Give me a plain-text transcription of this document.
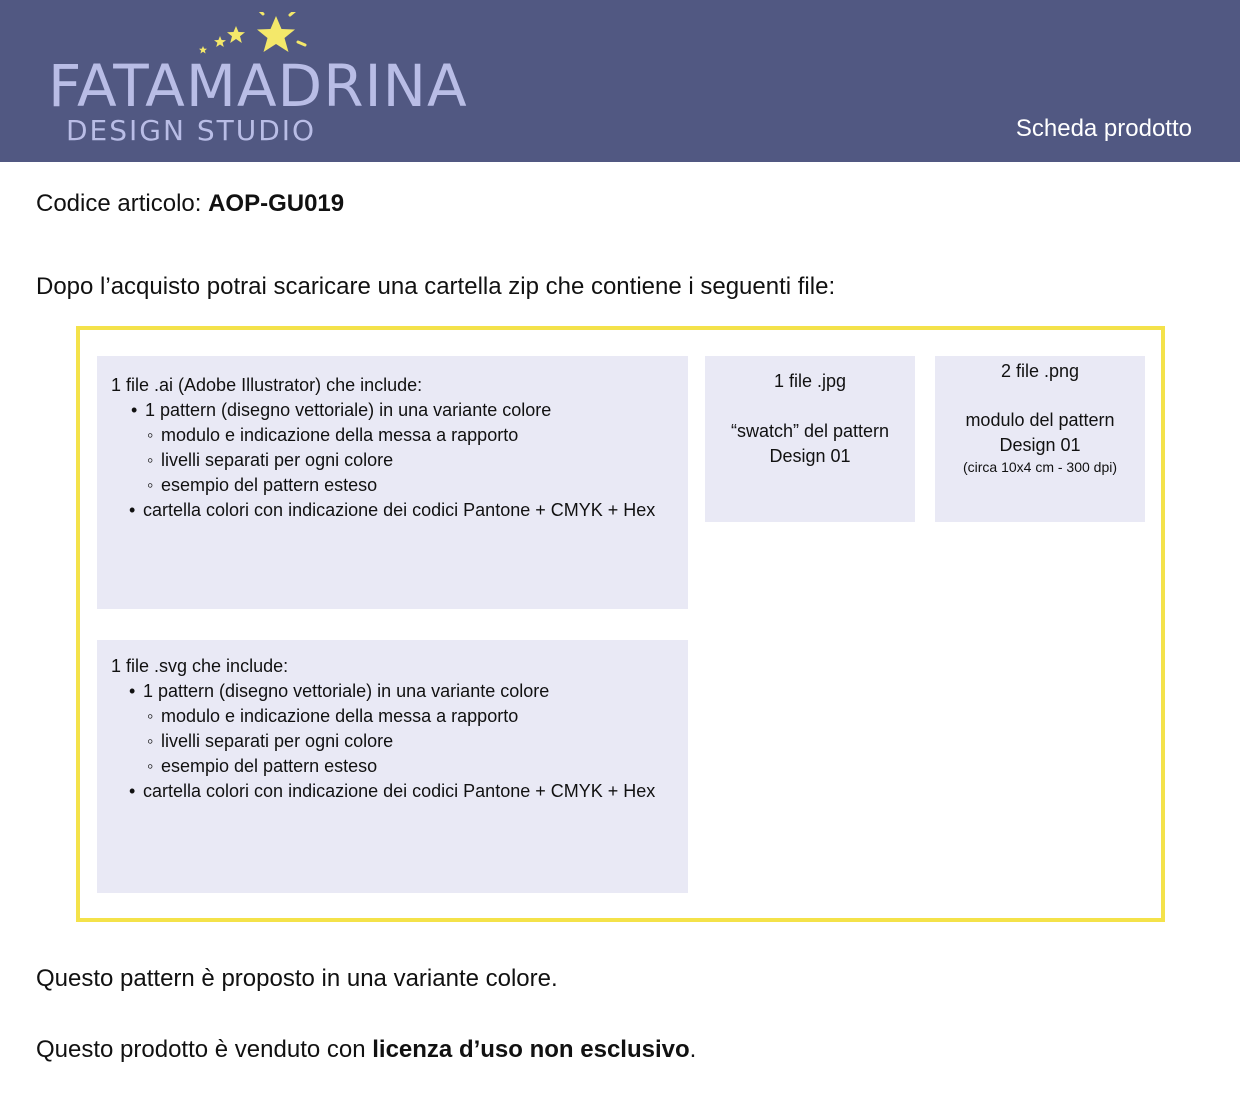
FATAMADRINA
DESIGN STUDIO	Scheda prodotto
Codice articolo: AOP-GU019
Dopo l’acquisto potrai scaricare una cartella zip che contiene i seguenti file:
1 file .ai (Adobe Illustrator) che include:
• 1 pattern (disegno vettoriale) in una variante colore
◦ modulo e indicazione della messa a rapporto
◦ livelli separati per ogni colore
◦ esempio del pattern esteso
• cartella colori con indicazione dei codici Pantone + CMYK + Hex
1 file .jpg
“swatch” del pattern
Design 01
2 file .png
modulo del pattern
Design 01
(circa 10x4 cm - 300 dpi)
1 file .svg che include:
• 1 pattern (disegno vettoriale) in una variante colore
◦ modulo e indicazione della messa a rapporto
◦ livelli separati per ogni colore
◦ esempio del pattern esteso
• cartella colori con indicazione dei codici Pantone + CMYK + Hex
Questo pattern è proposto in una variante colore.
Questo prodotto è venduto con licenza d’uso non esclusivo.
